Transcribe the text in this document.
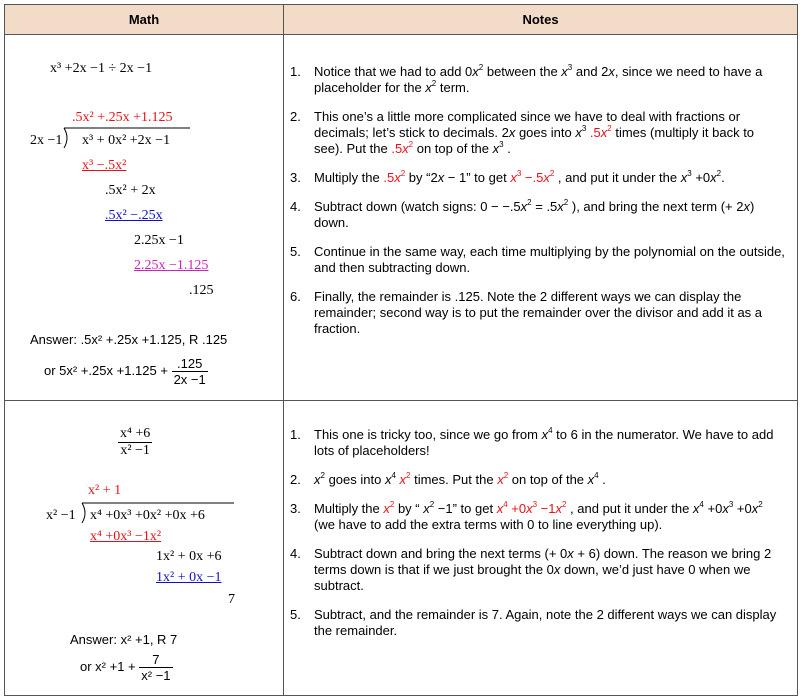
Math	Notes
x³ +2x −1 ÷ 2x −1
.5x² +.25x +1.125
2x −1 x³ + 0x² +2x −1
x³ −.5x²
.5x² + 2x
.5x² −.25x
2.25x −1
2.25x −1.125
.125
Answer: .5x² +.25x +1.125, R .125
or $5x^2 +.25x +1.125 + \frac{.125}{2x -1}$
1. Notice that we had to add $0x^2$ between the $x^3$ and 2x, since we need to have a placeholder for the $x^2$ term.
2. This one’s a little more complicated since we have to deal with fractions or decimals; let’s stick to decimals. 2x goes into $x^3$ $.5x^2$ times (multiply it back to see). Put the $.5x^2$ on top of the $x^3$ .
3. Multiply the $.5x^2$ by “2x − 1” to get $x^3 -.5x^2$ , and put it under the $x^3 +0x^2$.
4. Subtract down (watch signs: $0 - -.5x^2 = .5x^2$ ), and bring the next term (+ 2x) down.
5. Continue in the same way, each time multiplying by the polynomial on the outside, and then subtracting down.
6. Finally, the remainder is .125. Note the 2 different ways we can display the remainder; second way is to put the remainder over the divisor and add it as a fraction.
$\frac{\text{x⁴ +6}}{\text{x² −1}}$
x² + 1
x² −1 x⁴ +0x³ +0x² +0x +6
x⁴ +0x³ −1x²
1x² + 0x +6
1x² + 0x −1
7
Answer: x² +1, R 7
or $x^2 +1 + \frac{7}{\text{x² −1}}$
1. This one is tricky too, since we go from $x^4$ to 6 in the numerator. We have to add lots of placeholders!
2. $x^2$ goes into $x^4$ $x^2$ times. Put the $x^2$ on top of the $x^4$ .
3. Multiply the $x^2$ by “ $x^2 -1$” to get $x^4 +0x^3 -1x^2$ , and put it under the $x^4 +0x^3 +0x^2$ (we have to add the extra terms with 0 to line everything up).
4. Subtract down and bring the next terms (+ 0x + 6) down. The reason we bring 2 terms down is that if we just brought the 0x down, we’d just have 0 when we subtract.
5. Subtract, and the remainder is 7. Again, note the 2 different ways we can display the remainder.
